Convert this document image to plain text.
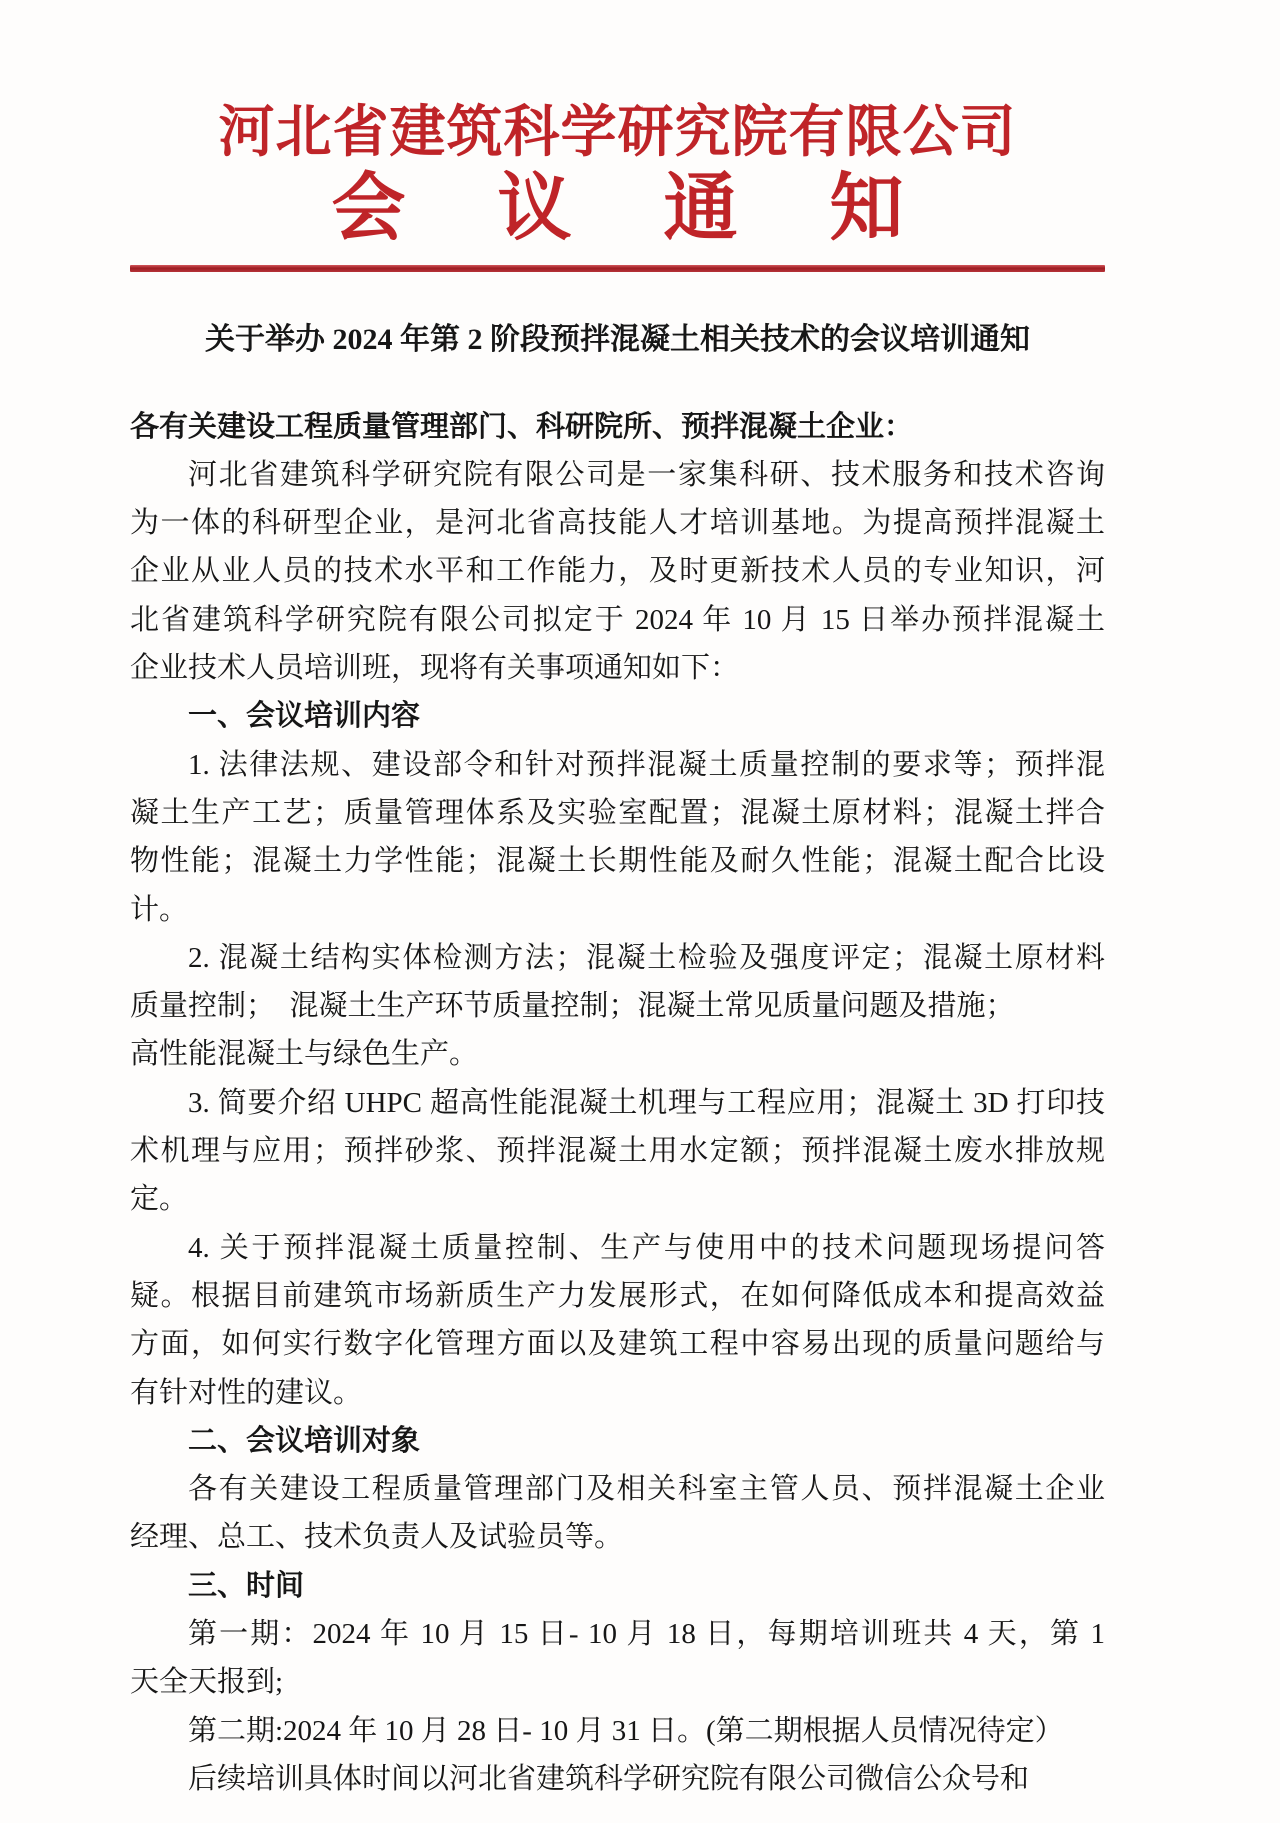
河北省建筑科学研究院有限公司
会 议 通 知
关于举办 2024 年第 2 阶段预拌混凝土相关技术的会议培训通知
各有关建设工程质量管理部门、科研院所、预拌混凝土企业：
河北省建筑科学研究院有限公司是一家集科研、技术服务和技术咨询
为一体的科研型企业，是河北省高技能人才培训基地。为提高预拌混凝土
企业从业人员的技术水平和工作能力，及时更新技术人员的专业知识，河
北省建筑科学研究院有限公司拟定于 2024 年 10 月 15 日举办预拌混凝土
企业技术人员培训班，现将有关事项通知如下：
一、会议培训内容
1. 法律法规、建设部令和针对预拌混凝土质量控制的要求等；预拌混
凝土生产工艺；质量管理体系及实验室配置；混凝土原材料；混凝土拌合
物性能；混凝土力学性能；混凝土长期性能及耐久性能；混凝土配合比设
计。
2. 混凝土结构实体检测方法；混凝土检验及强度评定；混凝土原材料
质量控制；　混凝土生产环节质量控制；混凝土常见质量问题及措施；
高性能混凝土与绿色生产。
3. 简要介绍 UHPC 超高性能混凝土机理与工程应用；混凝土 3D 打印技
术机理与应用；预拌砂浆、预拌混凝土用水定额；预拌混凝土废水排放规
定。
4. 关于预拌混凝土质量控制、生产与使用中的技术问题现场提问答
疑。根据目前建筑市场新质生产力发展形式，在如何降低成本和提高效益
方面，如何实行数字化管理方面以及建筑工程中容易出现的质量问题给与
有针对性的建议。
二、会议培训对象
各有关建设工程质量管理部门及相关科室主管人员、预拌混凝土企业
经理、总工、技术负责人及试验员等。
三、时间
第一期：2024 年 10 月 15 日- 10 月 18 日，每期培训班共 4 天，第 1
天全天报到;
第二期:2024 年 10 月 28 日- 10 月 31 日。(第二期根据人员情况待定）
后续培训具体时间以河北省建筑科学研究院有限公司微信公众号和
